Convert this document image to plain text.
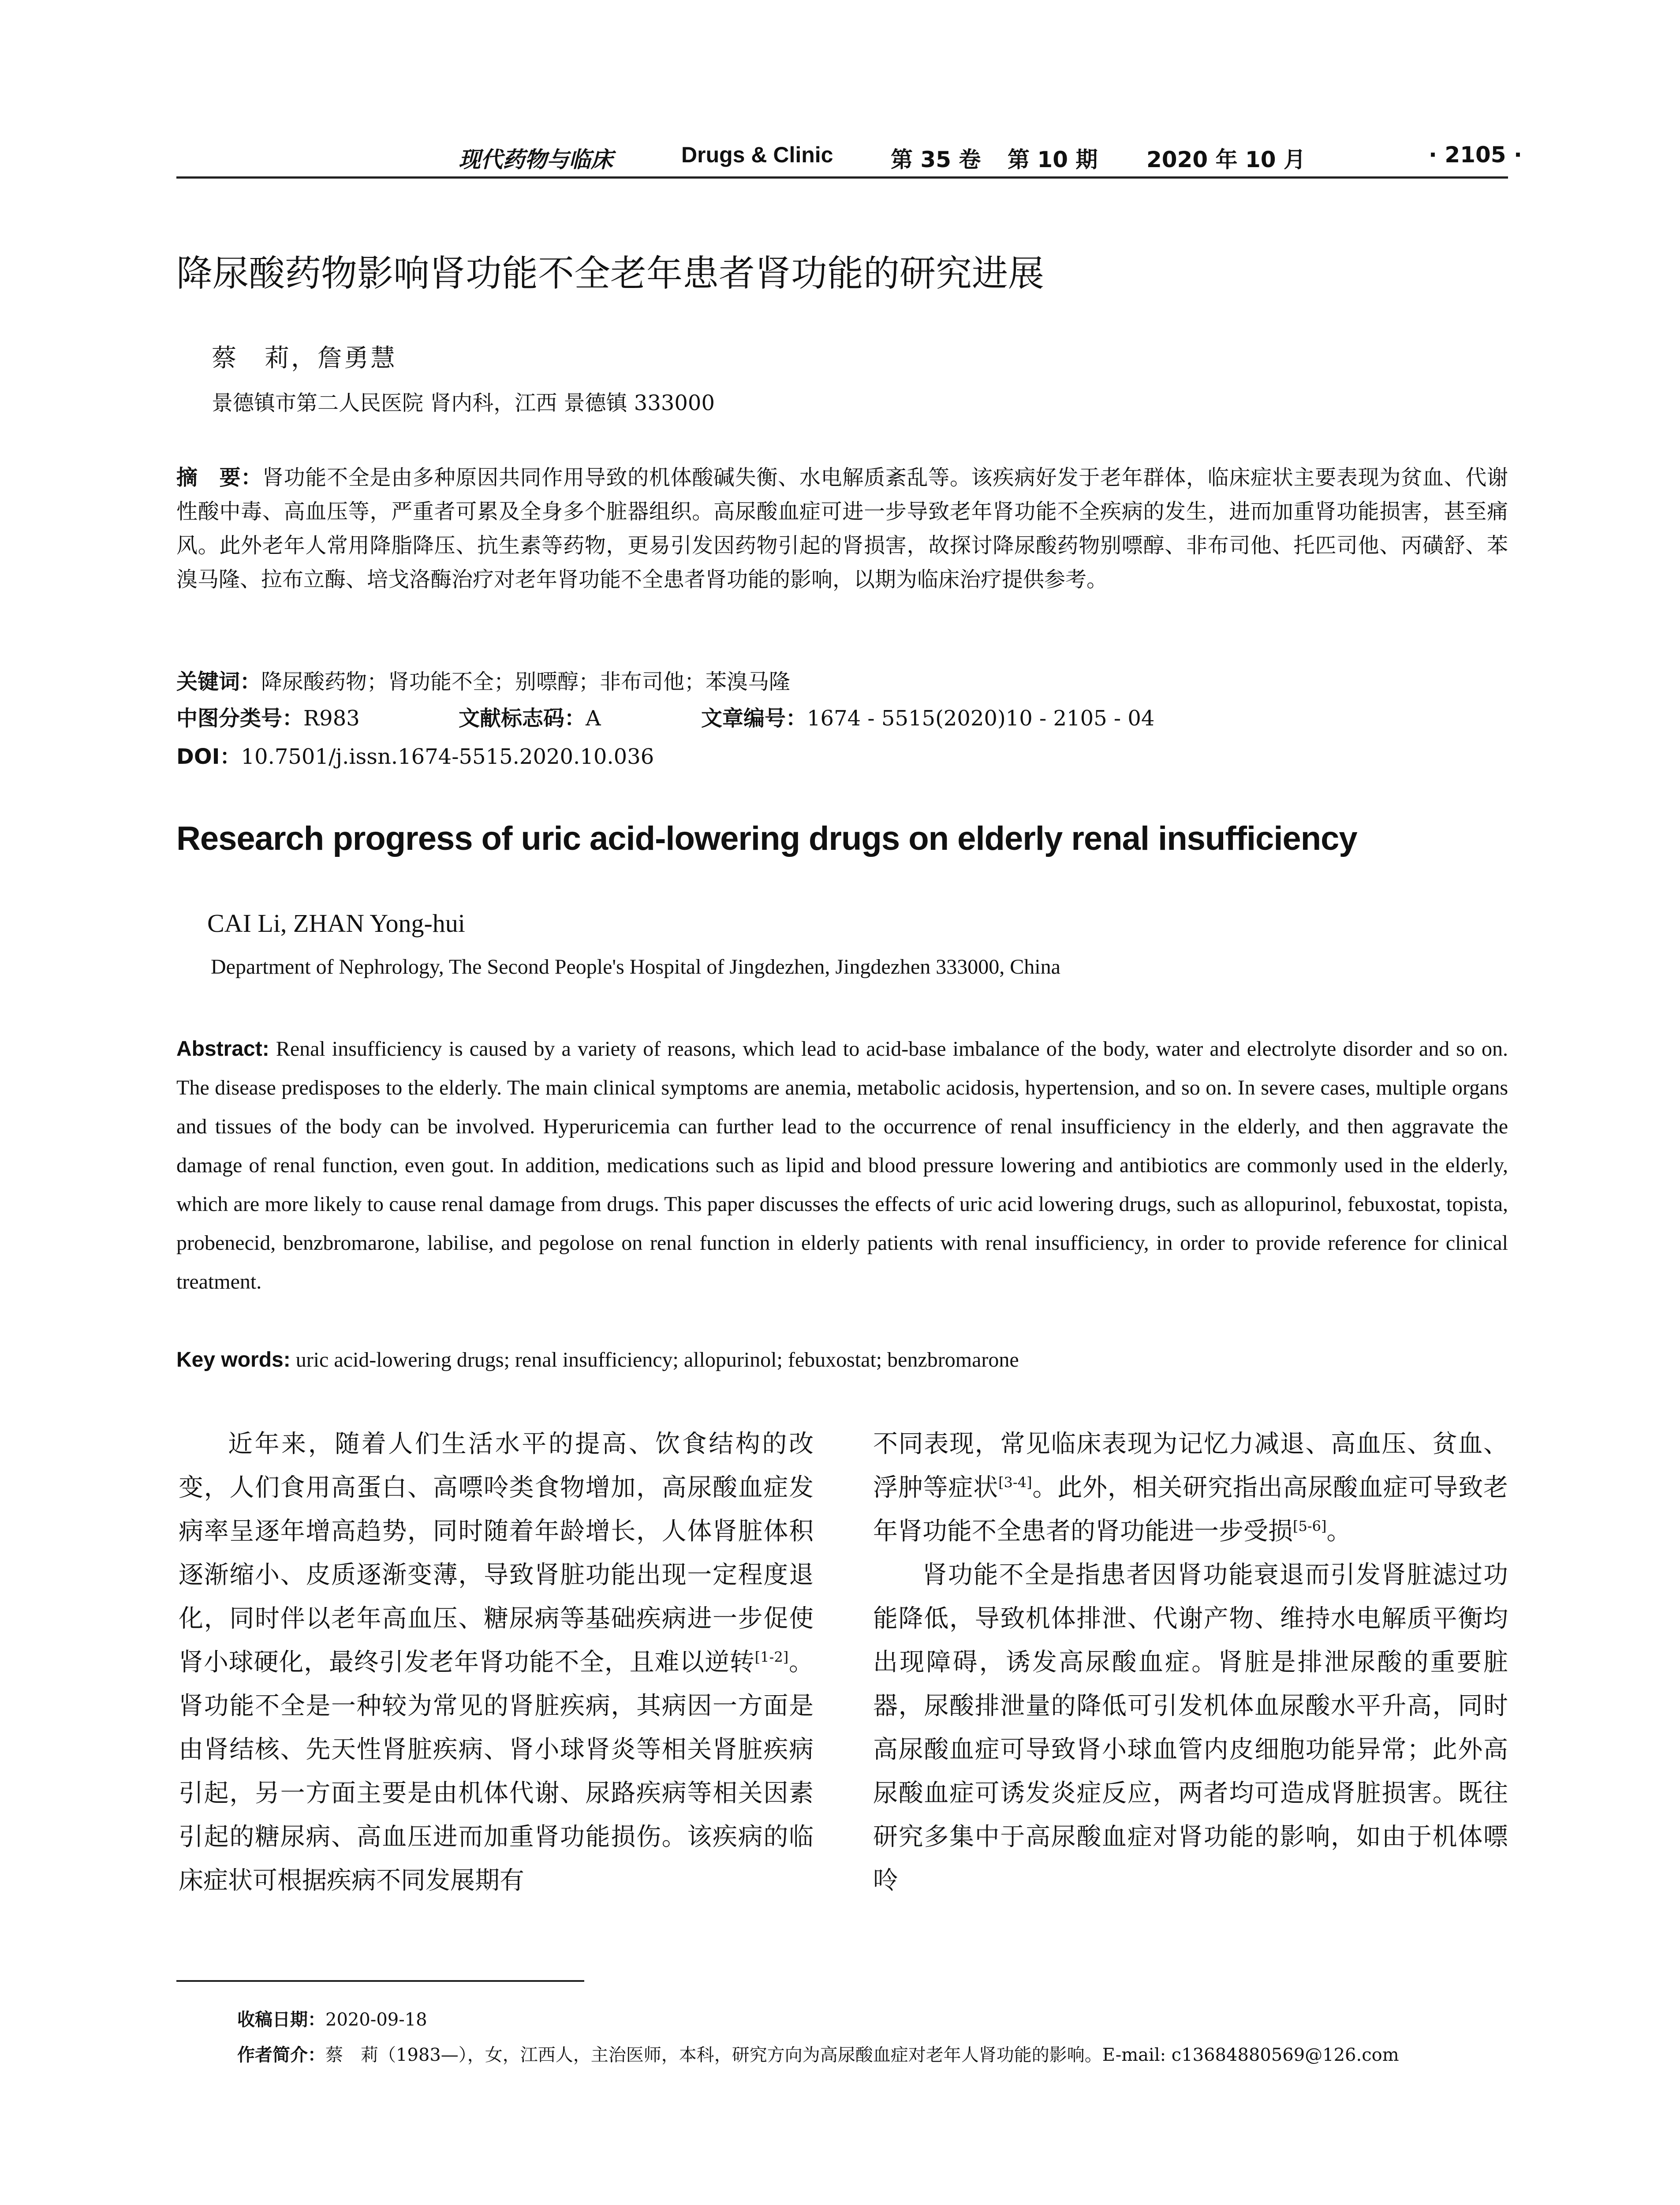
现代药物与临床	Drugs & Clinic	第 35 卷 第 10 期 2020 年 10 月	· 2105 ·
降尿酸药物影响肾功能不全老年患者肾功能的研究进展
蔡　莉，詹勇慧
景德镇市第二人民医院 肾内科，江西 景德镇 333000
摘　要：肾功能不全是由多种原因共同作用导致的机体酸碱失衡、水电解质紊乱等。该疾病好发于老年群体，临床症状主要表现为贫血、代谢性酸中毒、高血压等，严重者可累及全身多个脏器组织。高尿酸血症可进一步导致老年肾功能不全疾病的发生，进而加重肾功能损害，甚至痛风。此外老年人常用降脂降压、抗生素等药物，更易引发因药物引起的肾损害，故探讨降尿酸药物别嘌醇、非布司他、托匹司他、丙磺舒、苯溴马隆、拉布立酶、培戈洛酶治疗对老年肾功能不全患者肾功能的影响，以期为临床治疗提供参考。
关键词：降尿酸药物；肾功能不全；别嘌醇；非布司他；苯溴马隆
中图分类号：R983	文献标志码：A	文章编号：1674 - 5515(2020)10 - 2105 - 04
DOI：10.7501/j.issn.1674-5515.2020.10.036
Research progress of uric acid-lowering drugs on elderly renal insufficiency
CAI Li, ZHAN Yong-hui
Department of Nephrology, The Second People's Hospital of Jingdezhen, Jingdezhen 333000, China
Abstract: Renal insufficiency is caused by a variety of reasons, which lead to acid-base imbalance of the body, water and electrolyte disorder and so on. The disease predisposes to the elderly. The main clinical symptoms are anemia, metabolic acidosis, hypertension, and so on. In severe cases, multiple organs and tissues of the body can be involved. Hyperuricemia can further lead to the occurrence of renal insufficiency in the elderly, and then aggravate the damage of renal function, even gout. In addition, medications such as lipid and blood pressure lowering and antibiotics are commonly used in the elderly, which are more likely to cause renal damage from drugs. This paper discusses the effects of uric acid lowering drugs, such as allopurinol, febuxostat, topista, probenecid, benzbromarone, labilise, and pegolose on renal function in elderly patients with renal insufficiency, in order to provide reference for clinical treatment.
Key words: uric acid-lowering drugs; renal insufficiency; allopurinol; febuxostat; benzbromarone

近年来，随着人们生活水平的提高、饮食结构的改变，人们食用高蛋白、高嘌呤类食物增加，高尿酸血症发病率呈逐年增高趋势，同时随着年龄增长，人体肾脏体积逐渐缩小、皮质逐渐变薄，导致肾脏功能出现一定程度退化，同时伴以老年高血压、糖尿病等基础疾病进一步促使肾小球硬化，最终引发老年肾功能不全，且难以逆转[1-2]。肾功能不全是一种较为常见的肾脏疾病，其病因一方面是由肾结核、先天性肾脏疾病、肾小球肾炎等相关肾脏疾病引起，另一方面主要是由机体代谢、尿路疾病等相关因素引起的糖尿病、高血压进而加重肾功能损伤。该疾病的临床症状可根据疾病不同发展期有

不同表现，常见临床表现为记忆力减退、高血压、贫血、浮肿等症状[3-4]。此外，相关研究指出高尿酸血症可导致老年肾功能不全患者的肾功能进一步受损[5-6]。

肾功能不全是指患者因肾功能衰退而引发肾脏滤过功能降低，导致机体排泄、代谢产物、维持水电解质平衡均出现障碍，诱发高尿酸血症。肾脏是排泄尿酸的重要脏器，尿酸排泄量的降低可引发机体血尿酸水平升高，同时高尿酸血症可导致肾小球血管内皮细胞功能异常；此外高尿酸血症可诱发炎症反应，两者均可造成肾脏损害。既往研究多集中于高尿酸血症对肾功能的影响，如由于机体嘌呤

收稿日期：2020-09-18
作者简介：蔡　莉（1983—），女，江西人，主治医师，本科，研究方向为高尿酸血症对老年人肾功能的影响。E-mail: c13684880569@126.com
